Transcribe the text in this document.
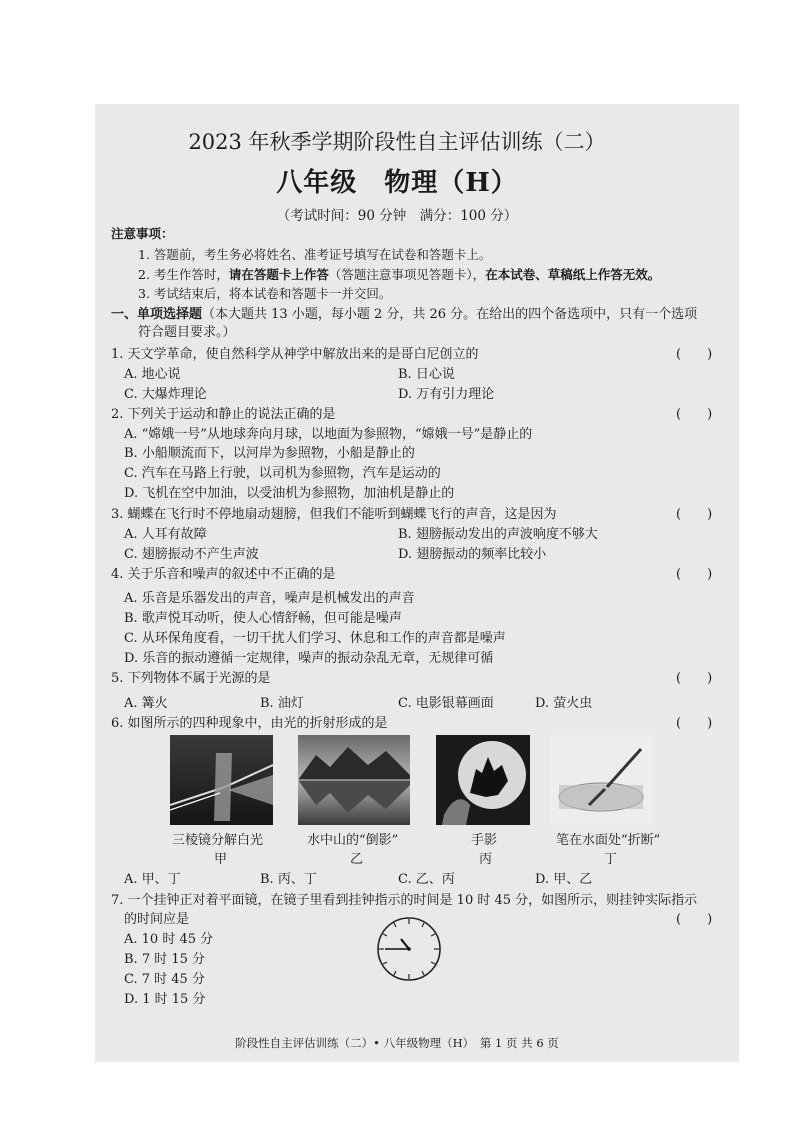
2023 年秋季学期阶段性自主评估训练（二）
八年级　物理（H）
（考试时间：90 分钟　满分：100 分）
注意事项：
1. 答题前，考生务必将姓名、准考证号填写在试卷和答题卡上。
2. 考生作答时，请在答题卡上作答（答题注意事项见答题卡），在本试卷、草稿纸上作答无效。
3. 考试结束后，将本试卷和答题卡一并交回。
一、单项选择题（本大题共 13 小题，每小题 2 分，共 26 分。在给出的四个备选项中，只有一个选项
符合题目要求。）
1. 天文学革命，使自然科学从神学中解放出来的是哥白尼创立的	(　　)
A. 地心说	B. 日心说
C. 大爆炸理论	D. 万有引力理论
2. 下列关于运动和静止的说法正确的是	(　　)
A. “嫦娥一号”从地球奔向月球，以地面为参照物，“嫦娥一号”是静止的
B. 小船顺流而下，以河岸为参照物，小船是静止的
C. 汽车在马路上行驶，以司机为参照物，汽车是运动的
D. 飞机在空中加油，以受油机为参照物，加油机是静止的
3. 蝴蝶在飞行时不停地扇动翅膀，但我们不能听到蝴蝶飞行的声音，这是因为	(　　)
A. 人耳有故障	B. 翅膀振动发出的声波响度不够大
C. 翅膀振动不产生声波	D. 翅膀振动的频率比较小
4. 关于乐音和噪声的叙述中不正确的是	(　　)
A. 乐音是乐器发出的声音，噪声是机械发出的声音
B. 歌声悦耳动听，使人心情舒畅，但可能是噪声
C. 从环保角度看，一切干扰人们学习、休息和工作的声音都是噪声
D. 乐音的振动遵循一定规律，噪声的振动杂乱无章，无规律可循
5. 下列物体不属于光源的是	(　　)
A. 篝火	B. 油灯	C. 电影银幕画面	D. 萤火虫
6. 如图所示的四种现象中，由光的折射形成的是	(　　)
三棱镜分解白光
甲
水中山的“倒影”
乙
手影
丙
笔在水面处“折断”
丁
A. 甲、丁	B. 丙、丁	C. 乙、丙	D. 甲、乙
7. 一个挂钟正对着平面镜，在镜子里看到挂钟指示的时间是 10 时 45 分，如图所示，则挂钟实际指示
的时间应是	(　　)
A. 10 时 45 分
B. 7 时 15 分
C. 7 时 45 分
D. 1 时 15 分
阶段性自主评估训练（二）• 八年级物理（H）　第 1 页 共 6 页
